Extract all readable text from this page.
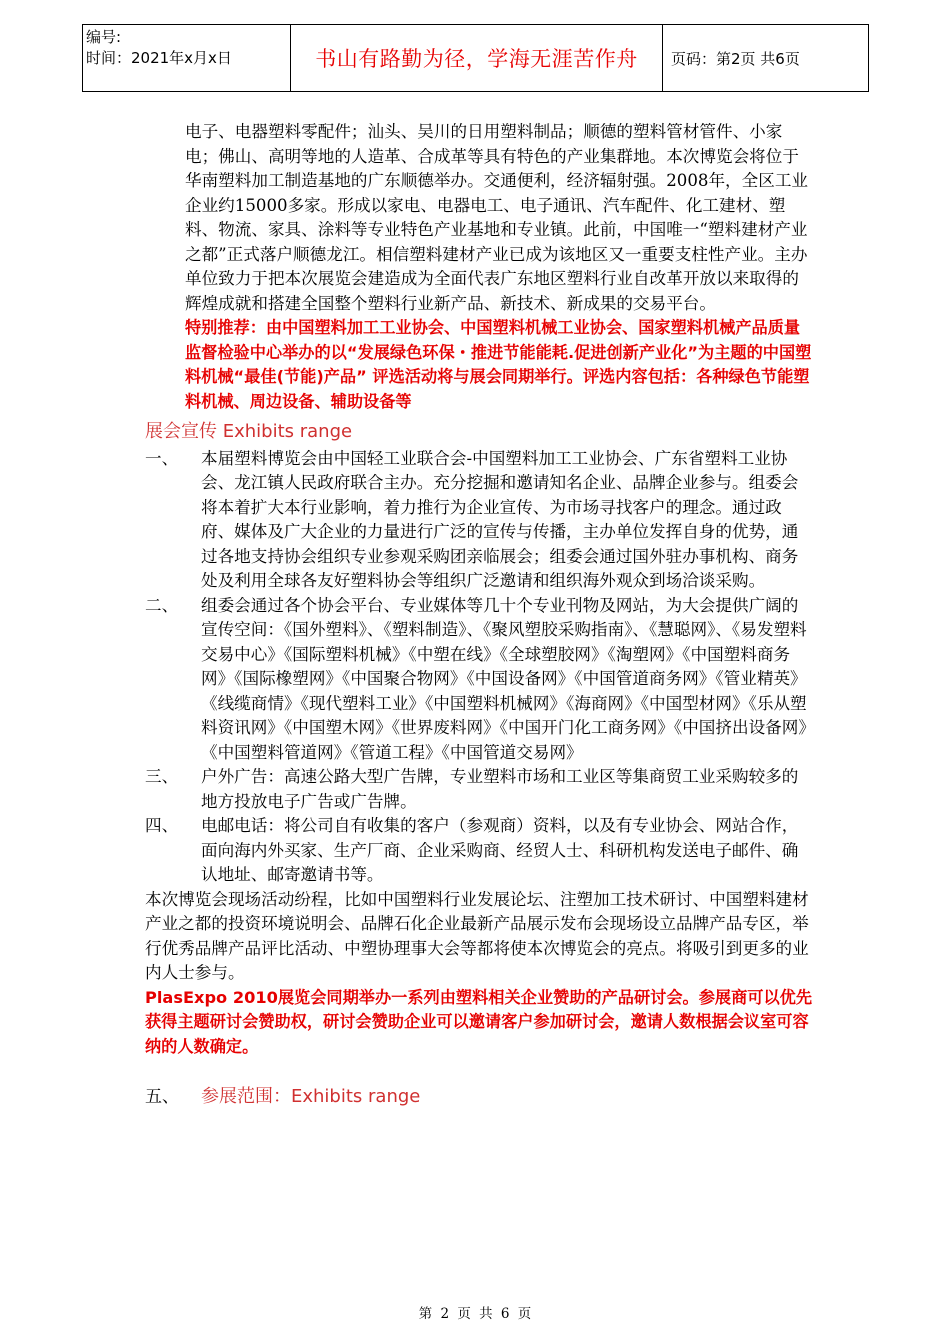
编号:
时间：2021年x月x日	书山有路勤为径，学海无涯苦作舟	页码：第2页 共6页

电子、电器塑料零配件；汕头、吴川的日用塑料制品；顺德的塑料管材管件、小家电；佛山、高明等地的人造革、合成革等具有特色的产业集群地。本次博览会将位于华南塑料加工制造基地的广东顺德举办。交通便利，经济辐射强。2008年，全区工业企业约15000多家。形成以家电、电器电工、电子通讯、汽车配件、化工建材、塑料、物流、家具、涂料等专业特色产业基地和专业镇。此前，中国唯一“塑料建材产业之都”正式落户顺德龙江。相信塑料建材产业已成为该地区又一重要支柱性产业。主办单位致力于把本次展览会建造成为全面代表广东地区塑料行业自改革开放以来取得的辉煌成就和搭建全国整个塑料行业新产品、新技术、新成果的交易平台。

特别推荐：由中国塑料加工工业协会、中国塑料机械工业协会、国家塑料机械产品质量监督检验中心举办的以“发展绿色环保・推进节能能耗.促进创新产业化”为主题的中国塑料机械“最佳(节能)产品” 评选活动将与展会同期举行。评选内容包括：各种绿色节能塑料机械、周边设备、辅助设备等

展会宣传 Exhibits range
一、	本届塑料博览会由中国轻工业联合会-中国塑料加工工业协会、广东省塑料工业协会、龙江镇人民政府联合主办。充分挖掘和邀请知名企业、品牌企业参与。组委会将本着扩大本行业影响，着力推行为企业宣传、为市场寻找客户的理念。通过政府、媒体及广大企业的力量进行广泛的宣传与传播，主办单位发挥自身的优势，通过各地支持协会组织专业参观采购团亲临展会；组委会通过国外驻办事机构、商务处及利用全球各友好塑料协会等组织广泛邀请和组织海外观众到场洽谈采购。
二、	组委会通过各个协会平台、专业媒体等几十个专业刊物及网站，为大会提供广阔的宣传空间：《国外塑料》、《塑料制造》、《聚风塑胶采购指南》、《慧聪网》、《易发塑料交易中心》《国际塑料机械》《中塑在线》《全球塑胶网》《淘塑网》《中国塑料商务网》《国际橡塑网》《中国聚合物网》《中国设备网》《中国管道商务网》《管业精英》《线缆商情》《现代塑料工业》《中国塑料机械网》《海商网》《中国型材网》《乐从塑料资讯网》《中国塑木网》《世界废料网》《中国开门化工商务网》《中国挤出设备网》《中国塑料管道网》《管道工程》《中国管道交易网》
三、	户外广告：高速公路大型广告牌，专业塑料市场和工业区等集商贸工业采购较多的地方投放电子广告或广告牌。
四、	电邮电话：将公司自有收集的客户（参观商）资料，以及有专业协会、网站合作，面向海内外买家、生产厂商、企业采购商、经贸人士、科研机构发送电子邮件、确认地址、邮寄邀请书等。

本次博览会现场活动纷程，比如中国塑料行业发展论坛、注塑加工技术研讨、中国塑料建材产业之都的投资环境说明会、品牌石化企业最新产品展示发布会现场设立品牌产品专区，举行优秀品牌产品评比活动、中塑协理事大会等都将使本次博览会的亮点。将吸引到更多的业内人士参与。

PlasExpo 2010展览会同期举办一系列由塑料相关企业赞助的产品研讨会。参展商可以优先获得主题研讨会赞助权，研讨会赞助企业可以邀请客户参加研讨会，邀请人数根据会议室可容纳的人数确定。

五、	参展范围：Exhibits range
第 2 页 共 6 页
